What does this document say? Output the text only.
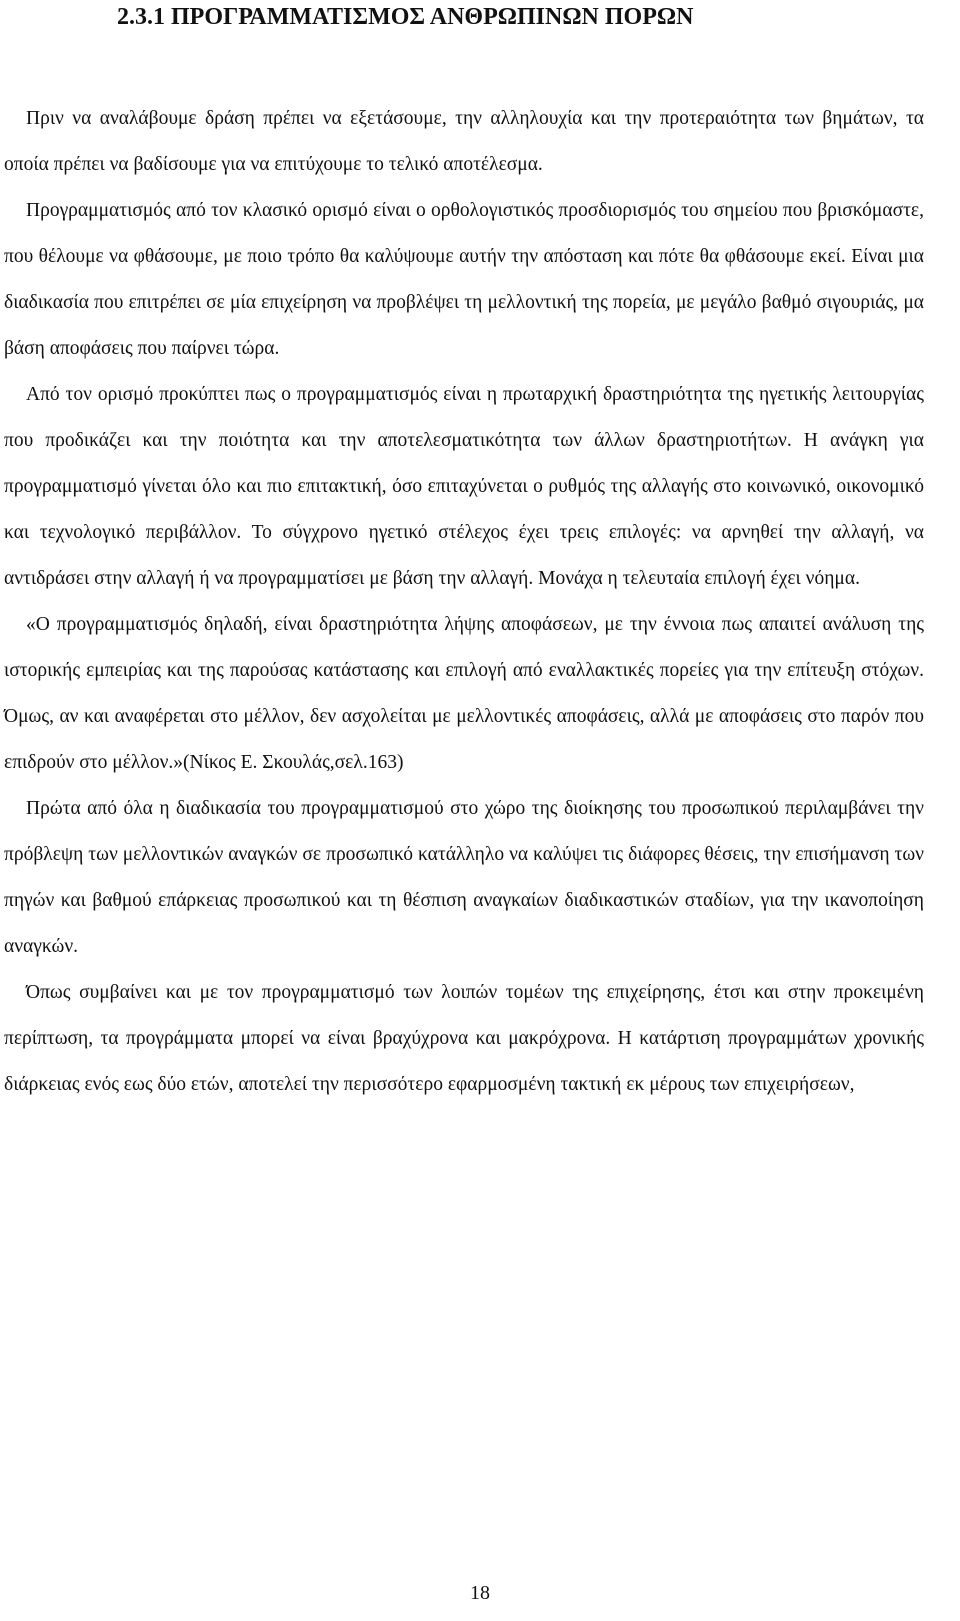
2.3.1 ΠΡΟΓΡΑΜΜΑΤΙΣΜΟΣ ΑΝΘΡΩΠΙΝΩΝ ΠΟΡΩΝ

Πριν να αναλάβουμε δράση πρέπει να εξετάσουμε, την αλληλουχία και την προτεραιότητα των βημάτων, τα οποία πρέπει να βαδίσουμε για να επιτύχουμε το τελικό αποτέλεσμα.

Προγραμματισμός από τον κλασικό ορισμό είναι ο ορθολογιστικός προσδιορισμός του σημείου που βρισκόμαστε, που θέλουμε να φθάσουμε, με ποιο τρόπο θα καλύψουμε αυτήν την απόσταση και πότε θα φθάσουμε εκεί. Είναι μια διαδικασία που επιτρέπει σε μία επιχείρηση να προβλέψει τη μελλοντική της πορεία, με μεγάλο βαθμό σιγουριάς, μα βάση αποφάσεις που παίρνει τώρα.

Από τον ορισμό προκύπτει πως ο προγραμματισμός είναι η πρωταρχική δραστηριότητα της ηγετικής λειτουργίας που προδικάζει και την ποιότητα και την αποτελεσματικότητα των άλλων δραστηριοτήτων. Η ανάγκη για προγραμματισμό γίνεται όλο και πιο επιτακτική, όσο επιταχύνεται ο ρυθμός της αλλαγής στο κοινωνικό, οικονομικό και τεχνολογικό περιβάλλον. Το σύγχρονο ηγετικό στέλεχος έχει τρεις επιλογές: να αρνηθεί την αλλαγή, να αντιδράσει στην αλλαγή ή να προγραμματίσει με βάση την αλλαγή. Μονάχα η τελευταία επιλογή έχει νόημα.

«Ο προγραμματισμός δηλαδή, είναι δραστηριότητα λήψης αποφάσεων, με την έννοια πως απαιτεί ανάλυση της ιστορικής εμπειρίας και της παρούσας κατάστασης και επιλογή από εναλλακτικές πορείες για την επίτευξη στόχων. Όμως, αν και αναφέρεται στο μέλλον, δεν ασχολείται με μελλοντικές αποφάσεις, αλλά με αποφάσεις στο παρόν που επιδρούν στο μέλλον.»(Νίκος Ε. Σκουλάς,σελ.163)

Πρώτα από όλα η διαδικασία του προγραμματισμού στο χώρο της διοίκησης του προσωπικού περιλαμβάνει την πρόβλεψη των μελλοντικών αναγκών σε προσωπικό κατάλληλο να καλύψει τις διάφορες θέσεις, την επισήμανση των πηγών και βαθμού επάρκειας προσωπικού και τη θέσπιση αναγκαίων διαδικαστικών σταδίων, για την ικανοποίηση αναγκών.

Όπως συμβαίνει και με τον προγραμματισμό των λοιπών τομέων της επιχείρησης, έτσι και στην προκειμένη περίπτωση, τα προγράμματα μπορεί να είναι βραχύχρονα και μακρόχρονα. Η κατάρτιση προγραμμάτων χρονικής διάρκειας ενός εως δύο ετών, αποτελεί την περισσότερο εφαρμοσμένη τακτική εκ μέρους των επιχειρήσεων,

18
